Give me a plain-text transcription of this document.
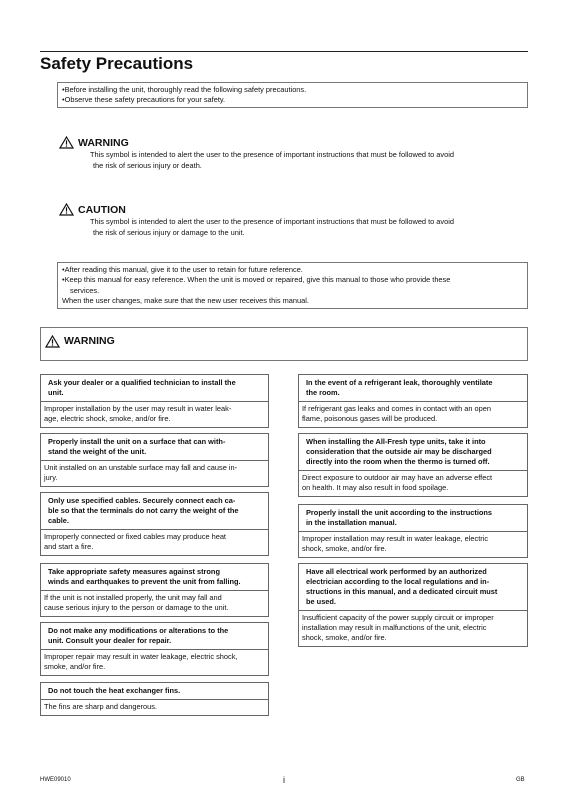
Safety Precautions
•Before installing the unit, thoroughly read the following safety precautions.
•Observe these safety precautions for your safety.
WARNING
This symbol is intended to alert the user to the presence of important instructions that must be followed to avoid
the risk of serious injury or death.
CAUTION
This symbol is intended to alert the user to the presence of important instructions that must be followed to avoid
the risk of serious injury or damage to the unit.
•After reading this manual, give it to the user to retain for future reference.
•Keep this manual for easy reference. When the unit is moved or repaired, give this manual to those who provide these
services.
When the user changes, make sure that the new user receives this manual.
WARNING
Ask your dealer or a qualified technician to install the
unit.
Improper installation by the user may result in water leak-
age, electric shock, smoke, and/or fire.
Properly install the unit on a surface that can with-
stand the weight of the unit.
Unit installed on an unstable surface may fall and cause in-
jury.
Only use specified cables. Securely connect each ca-
ble so that the terminals do not carry the weight of the
cable.
Improperly connected or fixed cables may produce heat
and start a fire.
Take appropriate safety measures against strong
winds and earthquakes to prevent the unit from falling.
If the unit is not installed properly, the unit may fall and
cause serious injury to the person or damage to the unit.
Do not make any modifications or alterations to the
unit. Consult your dealer for repair.
Improper repair may result in water leakage, electric shock,
smoke, and/or fire.
Do not touch the heat exchanger fins.
The fins are sharp and dangerous.
In the event of a refrigerant leak, thoroughly ventilate
the room.
If refrigerant gas leaks and comes in contact with an open
flame, poisonous gases will be produced.
When installing the All-Fresh type units, take it into
consideration that the outside air may be discharged
directly into the room when the thermo is turned off.
Direct exposure to outdoor air may have an adverse effect
on health. It may also result in food spoilage.
Properly install the unit according to the instructions
in the installation manual.
Improper installation may result in water leakage, electric
shock, smoke, and/or fire.
Have all electrical work performed by an authorized
electrician according to the local regulations and in-
structions in this manual, and a dedicated circuit must
be used.
Insufficient capacity of the power supply circuit or improper
installation may result in malfunctions of the unit, electric
shock, smoke, and/or fire.
HWE09010	i	GB
